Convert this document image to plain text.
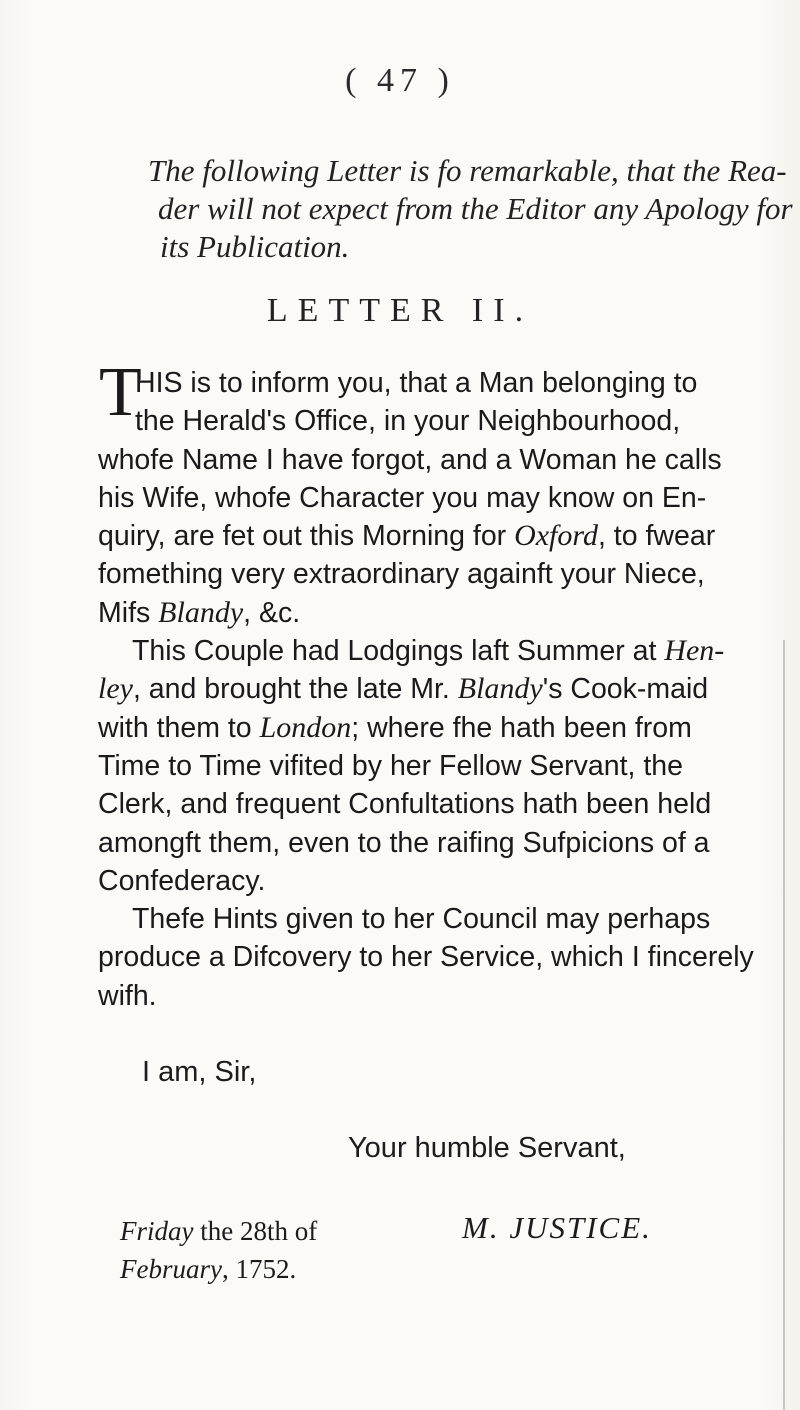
( 47 )
The following Letter is fo remarkable, that the Rea-
der will not expect from the Editor any Apology for
its Publication.
LETTER II.
T
HIS is to inform you, that a Man belonging to
the Herald's Office, in your Neighbourhood,
whofe Name I have forgot, and a Woman he calls
his Wife, whofe Character you may know on En-
quiry, are fet out this Morning for Oxford, to fwear
fomething very extraordinary againft your Niece,
Mifs Blandy, &c.
This Couple had Lodgings laft Summer at Hen-
ley, and brought the late Mr. Blandy's Cook-maid
with them to London; where fhe hath been from
Time to Time vifited by her Fellow Servant, the
Clerk, and frequent Confultations hath been held
amongft them, even to the raifing Sufpicions of a
Confederacy.
Thefe Hints given to her Council may perhaps
produce a Difcovery to her Service, which I fincerely
wifh.
I am, Sir,
Your humble Servant,
Friday the 28th of
February, 1752.
M. JUSTICE.
